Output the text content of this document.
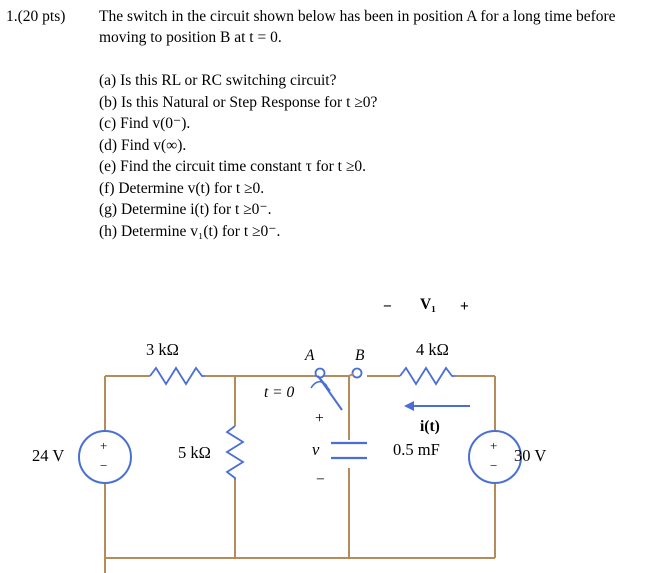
1.(20 pts) The switch in the circuit shown below has been in position A for a long time before moving to position B at t = 0.
(a) Is this RL or RC switching circuit?
(b) Is this Natural or Step Response for t ≥0?
(c) Find v(0⁻).
(d) Find v(∞).
(e) Find the circuit time constant τ for t ≥0.
(f) Determine v(t) for t ≥0.
(g) Determine i(t) for t ≥0⁻.
(h) Determine v₁(t) for t ≥0⁻.
− V₁ +
3 kΩ	4 kΩ
5 kΩ
A	B
t = 0
i(t)
24 V	30 V
0.5 mF
v
+
−
+
−
+
−
